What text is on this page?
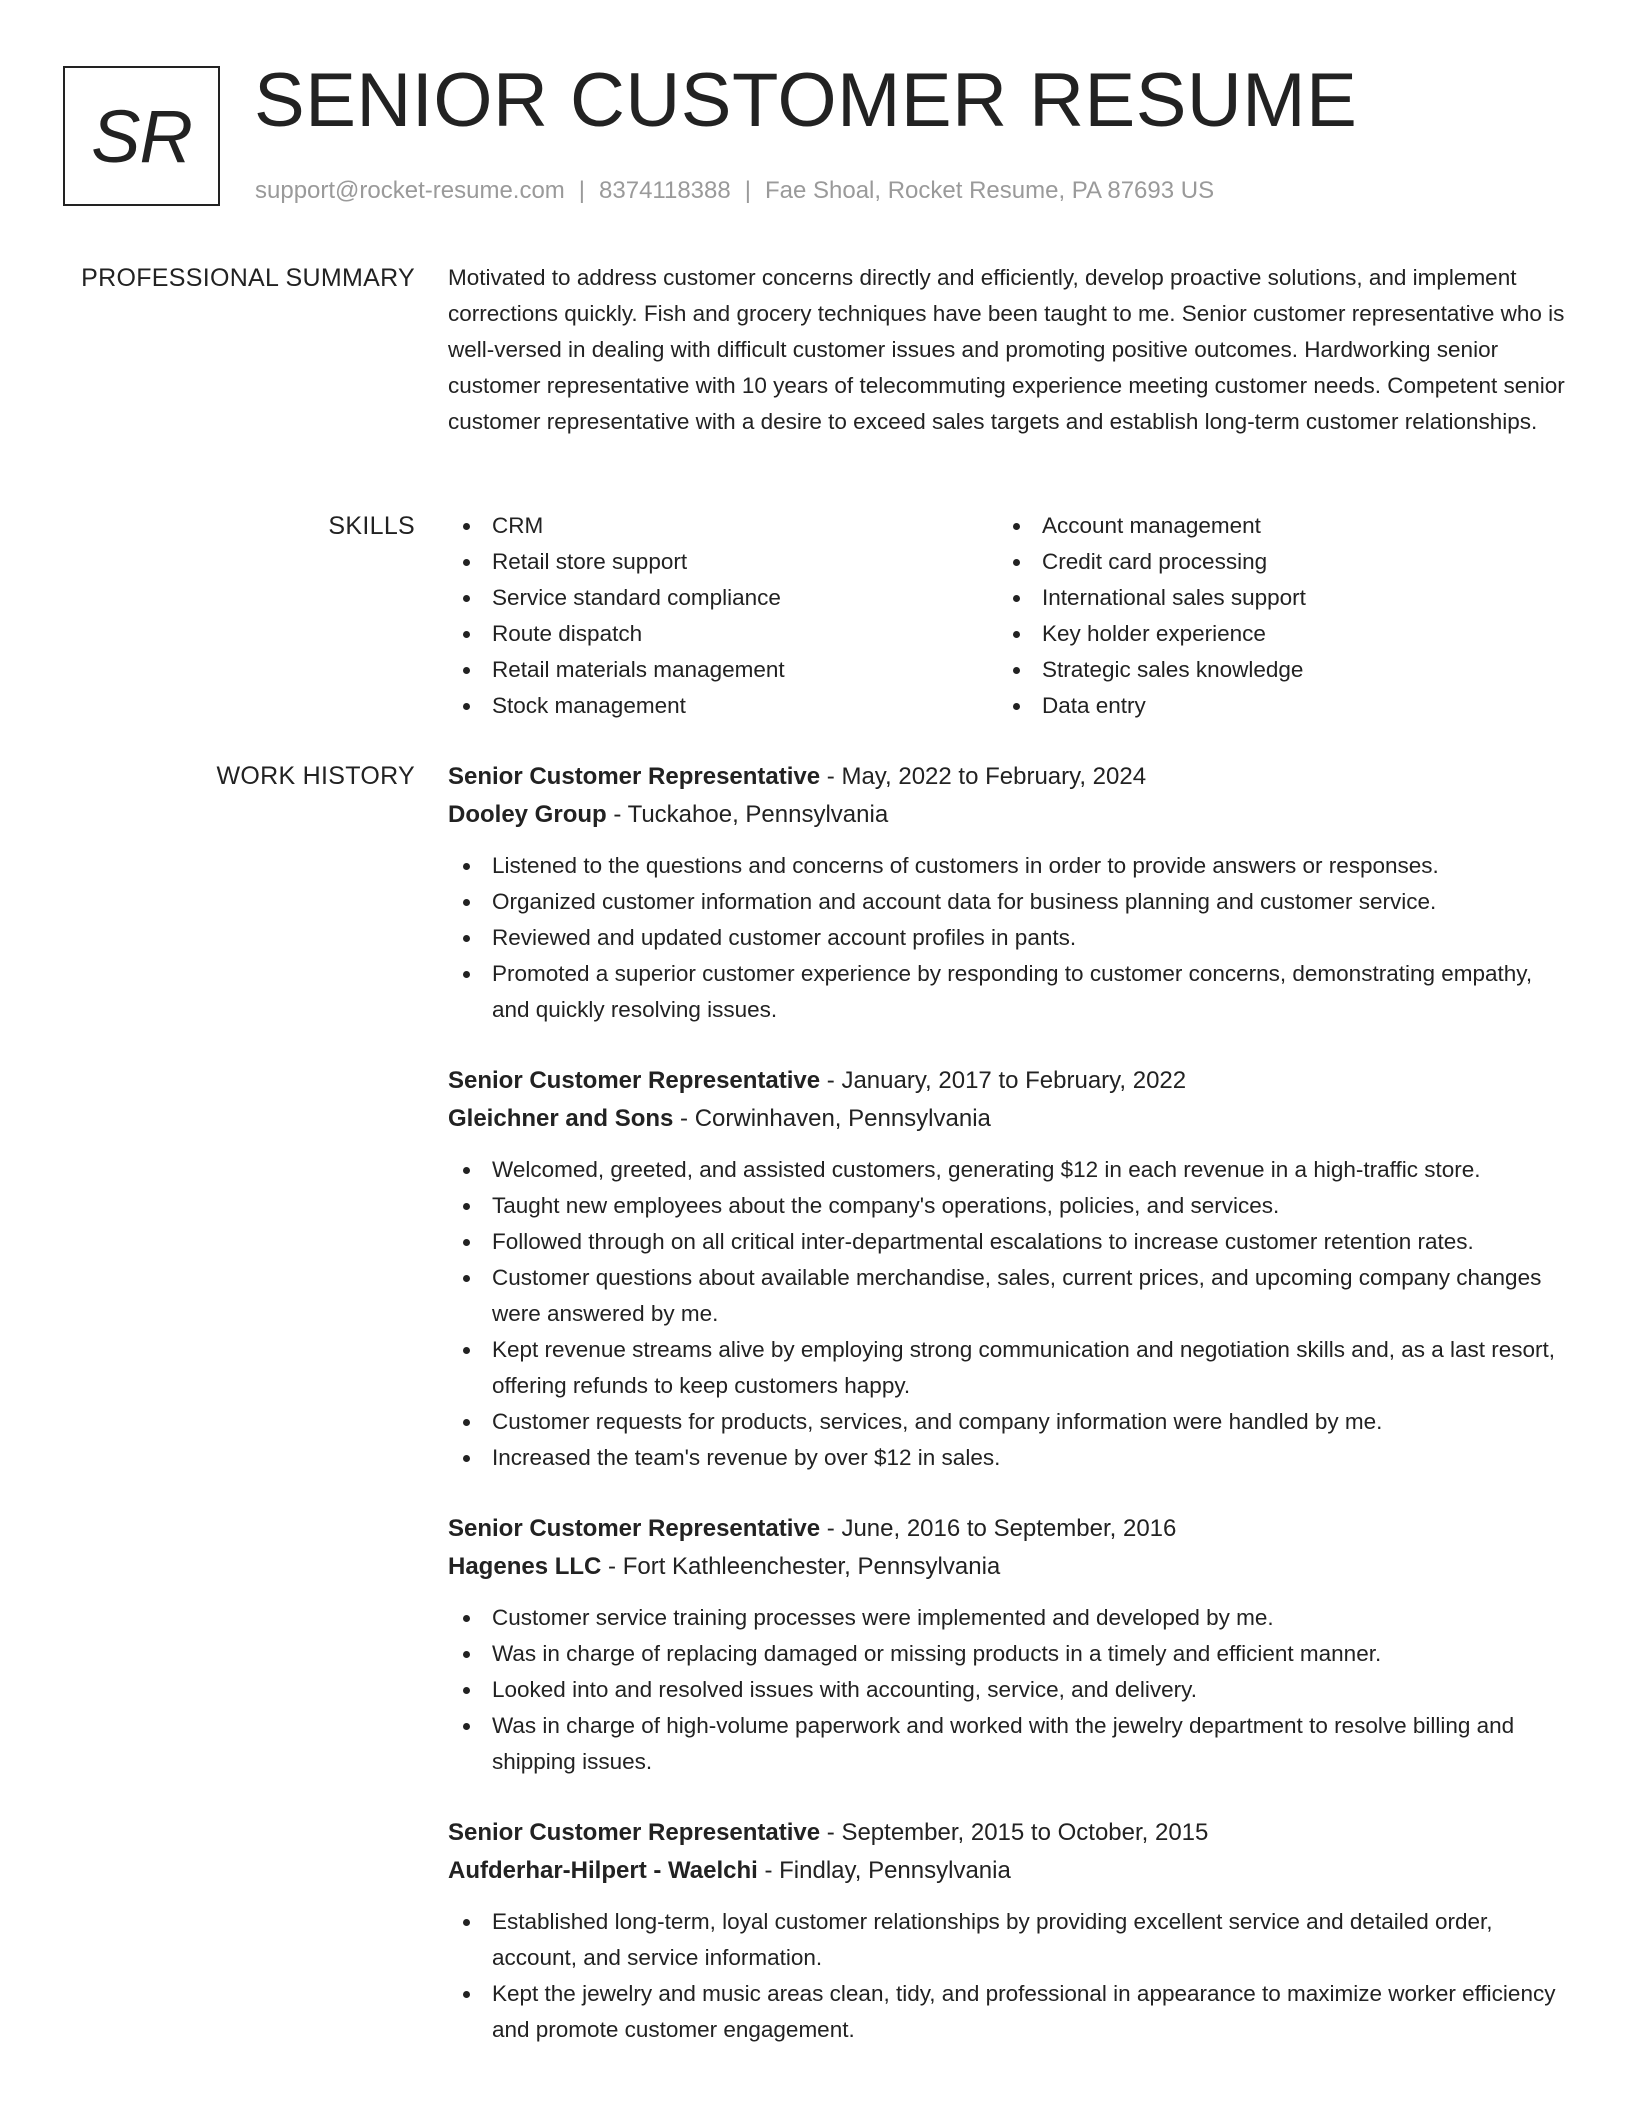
SR SENIOR CUSTOMER RESUME
support@rocket-resume.com | 8374118388 | Fae Shoal, Rocket Resume, PA 87693 US
PROFESSIONAL SUMMARY Motivated to address customer concerns directly and efficiently, develop proactive solutions, and implement corrections quickly. Fish and grocery techniques have been taught to me. Senior customer representative who is well-versed in dealing with difficult customer issues and promoting positive outcomes. Hardworking senior customer representative with 10 years of telecommuting experience meeting customer needs. Competent senior customer representative with a desire to exceed sales targets and establish long-term customer relationships.

SKILLS	CRM	Account management
Retail store support	Credit card processing
Service standard compliance	International sales support
Route dispatch	Key holder experience
Retail materials management	Strategic sales knowledge
Stock management	Data entry
WORK HISTORY Senior Customer Representative - May, 2022 to February, 2024
Dooley Group - Tuckahoe, Pennsylvania
Listened to the questions and concerns of customers in order to provide answers or responses.
Organized customer information and account data for business planning and customer service.
Reviewed and updated customer account profiles in pants.
Promoted a superior customer experience by responding to customer concerns, demonstrating empathy, and quickly resolving issues.
Senior Customer Representative - January, 2017 to February, 2022
Gleichner and Sons - Corwinhaven, Pennsylvania
Welcomed, greeted, and assisted customers, generating $12 in each revenue in a high-traffic store.
Taught new employees about the company's operations, policies, and services.
Followed through on all critical inter-departmental escalations to increase customer retention rates.
Customer questions about available merchandise, sales, current prices, and upcoming company changes were answered by me.
Kept revenue streams alive by employing strong communication and negotiation skills and, as a last resort, offering refunds to keep customers happy.
Customer requests for products, services, and company information were handled by me.
Increased the team's revenue by over $12 in sales.
Senior Customer Representative - June, 2016 to September, 2016
Hagenes LLC - Fort Kathleenchester, Pennsylvania
Customer service training processes were implemented and developed by me.
Was in charge of replacing damaged or missing products in a timely and efficient manner.
Looked into and resolved issues with accounting, service, and delivery.
Was in charge of high-volume paperwork and worked with the jewelry department to resolve billing and shipping issues.
Senior Customer Representative - September, 2015 to October, 2015
Aufderhar-Hilpert - Waelchi - Findlay, Pennsylvania
Established long-term, loyal customer relationships by providing excellent service and detailed order, account, and service information.
Kept the jewelry and music areas clean, tidy, and professional in appearance to maximize worker efficiency and promote customer engagement.
